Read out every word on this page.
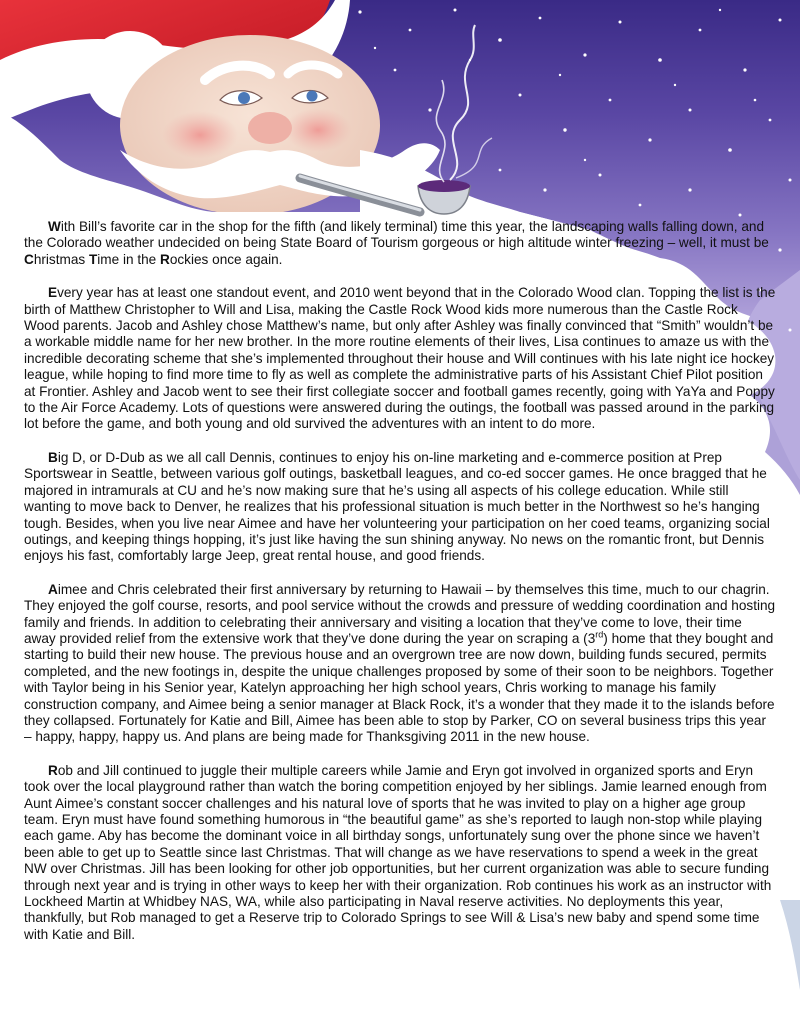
With Bill’s favorite car in the shop for the fifth (and likely terminal) time this year, the landscaping walls falling down, and the Colorado weather undecided on being State Board of Tourism gorgeous or high altitude winter freezing – well, it must be Christmas Time in the Rockies once again.

Every year has at least one standout event, and 2010 went beyond that in the Colorado Wood clan. Topping the list is the birth of Matthew Christopher to Will and Lisa, making the Castle Rock Wood kids more numerous than the Castle Rock Wood parents. Jacob and Ashley chose Matthew’s name, but only after Ashley was finally convinced that “Smith” wouldn’t be a workable middle name for her new brother. In the more routine elements of their lives, Lisa continues to amaze us with the incredible decorating scheme that she’s implemented throughout their house and Will continues with his late night ice hockey league, while hoping to find more time to fly as well as complete the administrative parts of his Assistant Chief Pilot position at Frontier. Ashley and Jacob went to see their first collegiate soccer and football games recently, going with YaYa and Poppy to the Air Force Academy. Lots of questions were answered during the outings, the football was passed around in the parking lot before the game, and both young and old survived the adventures with an intent to do more.

Big D, or D-Dub as we all call Dennis, continues to enjoy his on-line marketing and e-commerce position at Prep Sportswear in Seattle, between various golf outings, basketball leagues, and co-ed soccer games. He once bragged that he majored in intramurals at CU and he’s now making sure that he’s using all aspects of his college education. While still wanting to move back to Denver, he realizes that his professional situation is much better in the Northwest so he’s hanging tough. Besides, when you live near Aimee and have her volunteering your participation on her coed teams, organizing social outings, and keeping things hopping, it’s just like having the sun shining anyway. No news on the romantic front, but Dennis enjoys his fast, comfortably large Jeep, great rental house, and good friends.

Aimee and Chris celebrated their first anniversary by returning to Hawaii – by themselves this time, much to our chagrin. They enjoyed the golf course, resorts, and pool service without the crowds and pressure of wedding coordination and hosting family and friends. In addition to celebrating their anniversary and visiting a location that they’ve come to love, their time away provided relief from the extensive work that they’ve done during the year on scraping a (3rd) home that they bought and starting to build their new house. The previous house and an overgrown tree are now down, building funds secured, permits completed, and the new footings in, despite the unique challenges proposed by some of their soon to be neighbors. Together with Taylor being in his Senior year, Katelyn approaching her high school years, Chris working to manage his family construction company, and Aimee being a senior manager at Black Rock, it’s a wonder that they made it to the islands before they collapsed. Fortunately for Katie and Bill, Aimee has been able to stop by Parker, CO on several business trips this year – happy, happy, happy us. And plans are being made for Thanksgiving 2011 in the new house.

Rob and Jill continued to juggle their multiple careers while Jamie and Eryn got involved in organized sports and Eryn took over the local playground rather than watch the boring competition enjoyed by her siblings. Jamie learned enough from Aunt Aimee’s constant soccer challenges and his natural love of sports that he was invited to play on a higher age group team. Eryn must have found something humorous in “the beautiful game” as she’s reported to laugh non-stop while playing each game. Aby has become the dominant voice in all birthday songs, unfortunately sung over the phone since we haven’t been able to get up to Seattle since last Christmas. That will change as we have reservations to spend a week in the great NW over Christmas. Jill has been looking for other job opportunities, but her current organization was able to secure funding through next year and is trying in other ways to keep her with their organization. Rob continues his work as an instructor with Lockheed Martin at Whidbey NAS, WA, while also participating in Naval reserve activities. No deployments this year, thankfully, but Rob managed to get a Reserve trip to Colorado Springs to see Will & Lisa’s new baby and spend some time with Katie and Bill.
